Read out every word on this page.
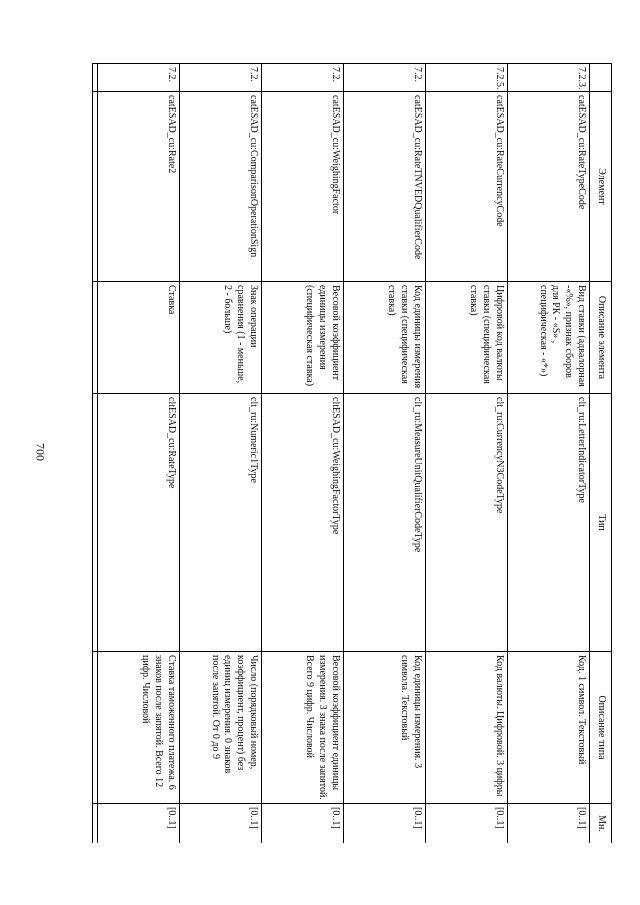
700
	Элемент	Описание элемента	Тип	Описание типа	Мн.
7.2.3.	catESAD_cu:RateTypeCode	Вид ставки (адвалорная -«%», признак сборов для РК - «S» , специфическая - «*»)	clt_ru:LetterIndicatorType	Код. 1 символ. Текстовый	[0..1]
7.2.5.	catESAD_cu:RateCurrencyCode	Цифровой код валюты ставки (специфическая ставка)	clt_ru:CurrencyN3CodeType	Код валюты. Цифровой. 3 цифры	[0..1]
7.2.	catESAD_cu:RateTNVEDQualifierCode	Код единицы измерения ставки (специфическая ставка)	clt_ru:MeasureUnitQualifierCodeType	Код единицы измерения. 3 символа. Текстовый	[0..1]
7.2.	catESAD_cu:WeighingFactor	Весовой коэффициент единицы измерения (специфическая ставка)	cltESAD_cu:WeighingFactorType	Весовой коэффициент единицы измерения. 3 знака после запятой. Всего 9 цифр. Числовой	[0..1]
7.2.	catESAD_cu:ComparisonOperationSign	Знак операции сравнения (1 - меньше, 2 - больше)	clt_ru:Numeric1Type	Число (порядковый номер, коэффициент, процент) без единиц измерения. 0 знаков после запятой. От 0 до 9	[0..1]
7.2.	catESAD_cu:Rate2	Ставка	cltESAD_cu:RateType	Ставка таможенного платежа. 6 знаков после запятой. Всего 12 цифр. Числовой	[0..1]
